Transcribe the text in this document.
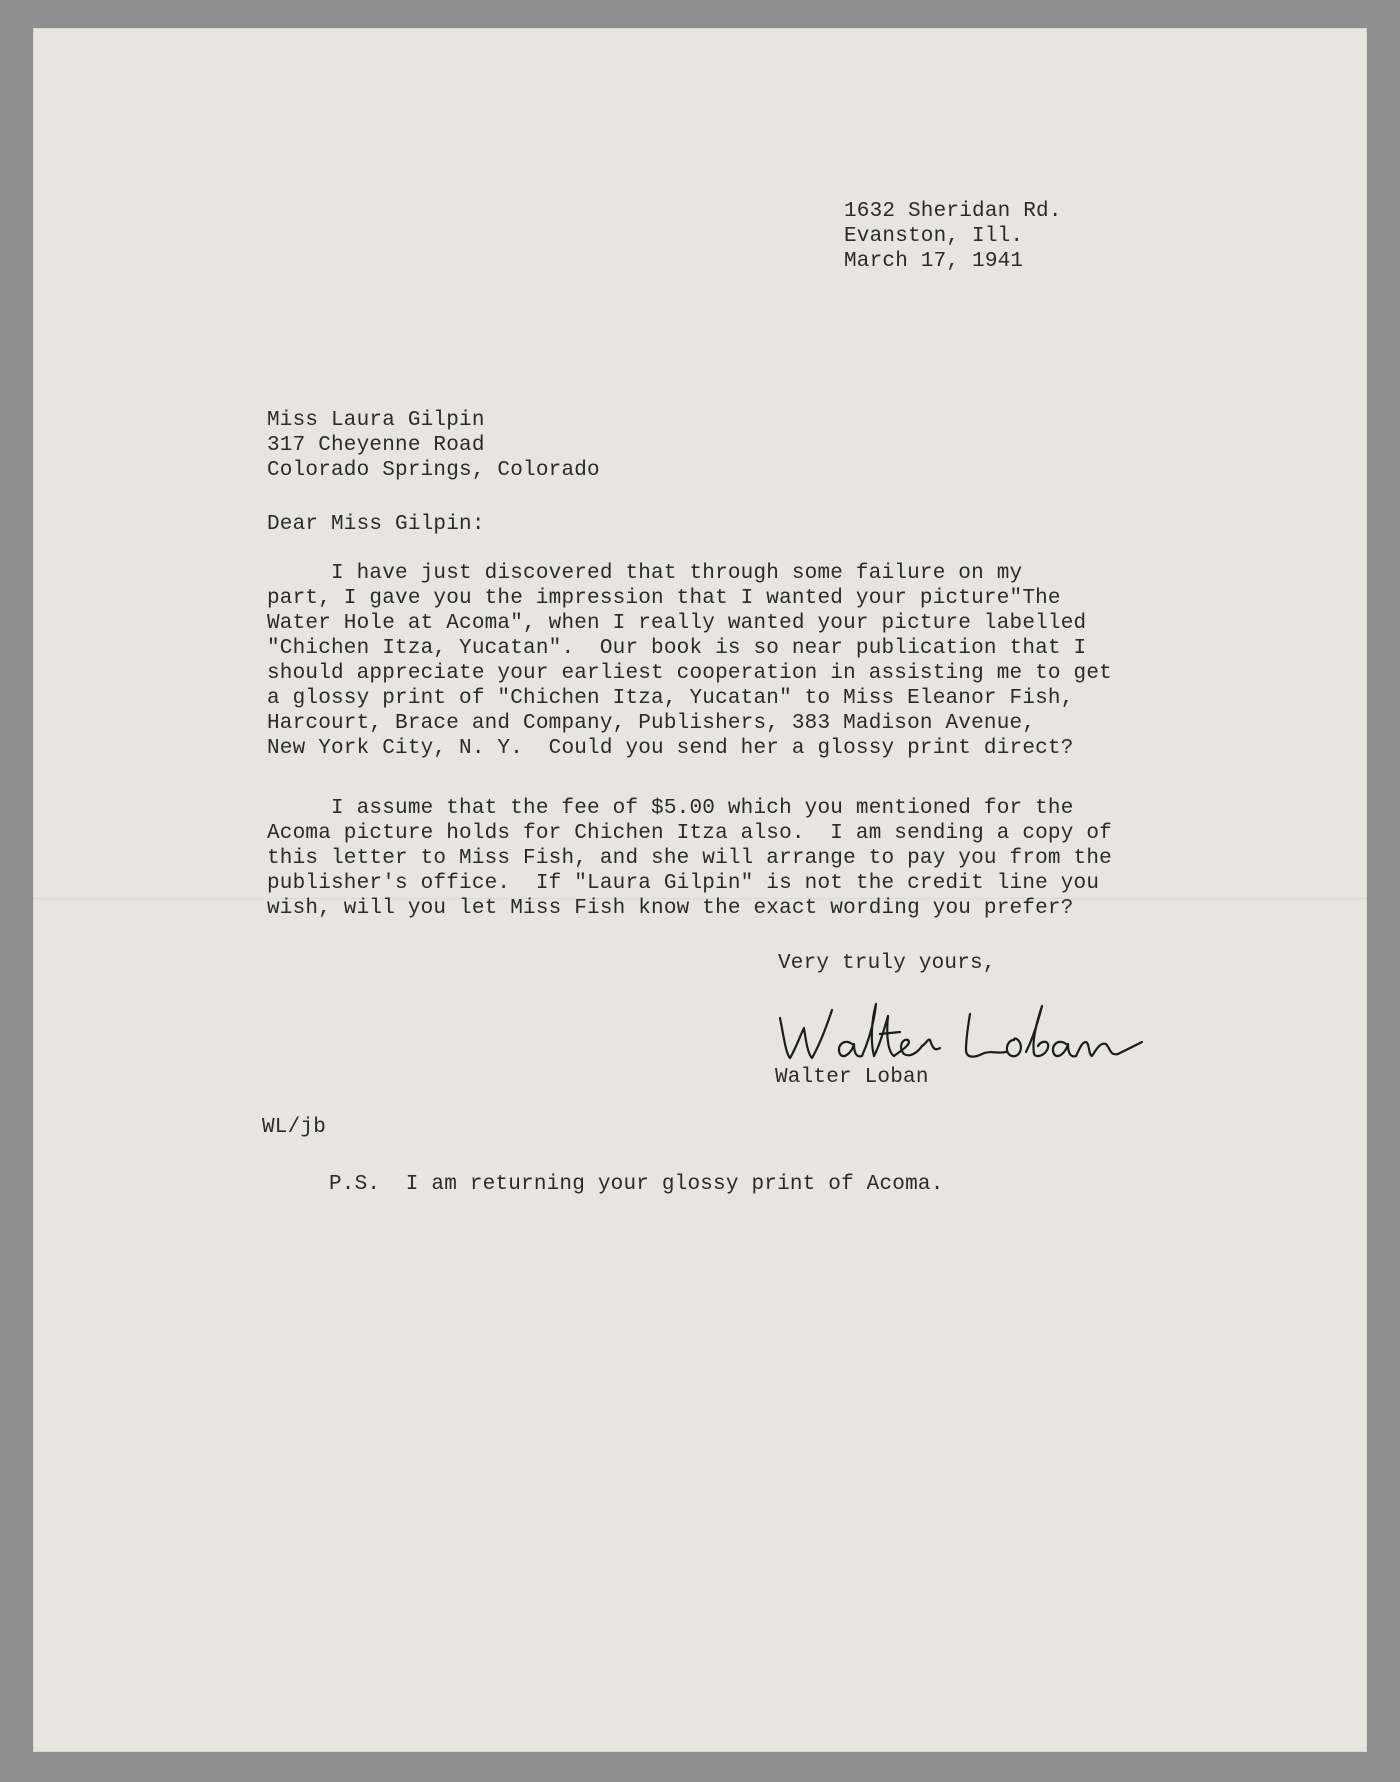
1632 Sheridan Rd.

Evanston, Ill.

March 17, 1941

Miss Laura Gilpin

317 Cheyenne Road

Colorado Springs, Colorado

Dear Miss Gilpin:

I have just discovered that through some failure on my

part, I gave you the impression that I wanted your picture"The

Water Hole at Acoma", when I really wanted your picture labelled

"Chichen Itza, Yucatan".  Our book is so near publication that I

should appreciate your earliest cooperation in assisting me to get

a glossy print of "Chichen Itza, Yucatan" to Miss Eleanor Fish,

Harcourt, Brace and Company, Publishers, 383 Madison Avenue,

New York City, N. Y.  Could you send her a glossy print direct?

I assume that the fee of $5.00 which you mentioned for the

Acoma picture holds for Chichen Itza also.  I am sending a copy of

this letter to Miss Fish, and she will arrange to pay you from the

publisher's office.  If "Laura Gilpin" is not the credit line you

wish, will you let Miss Fish know the exact wording you prefer?

Very truly yours,

Walter Loban

WL/jb

P.S.  I am returning your glossy print of Acoma.
